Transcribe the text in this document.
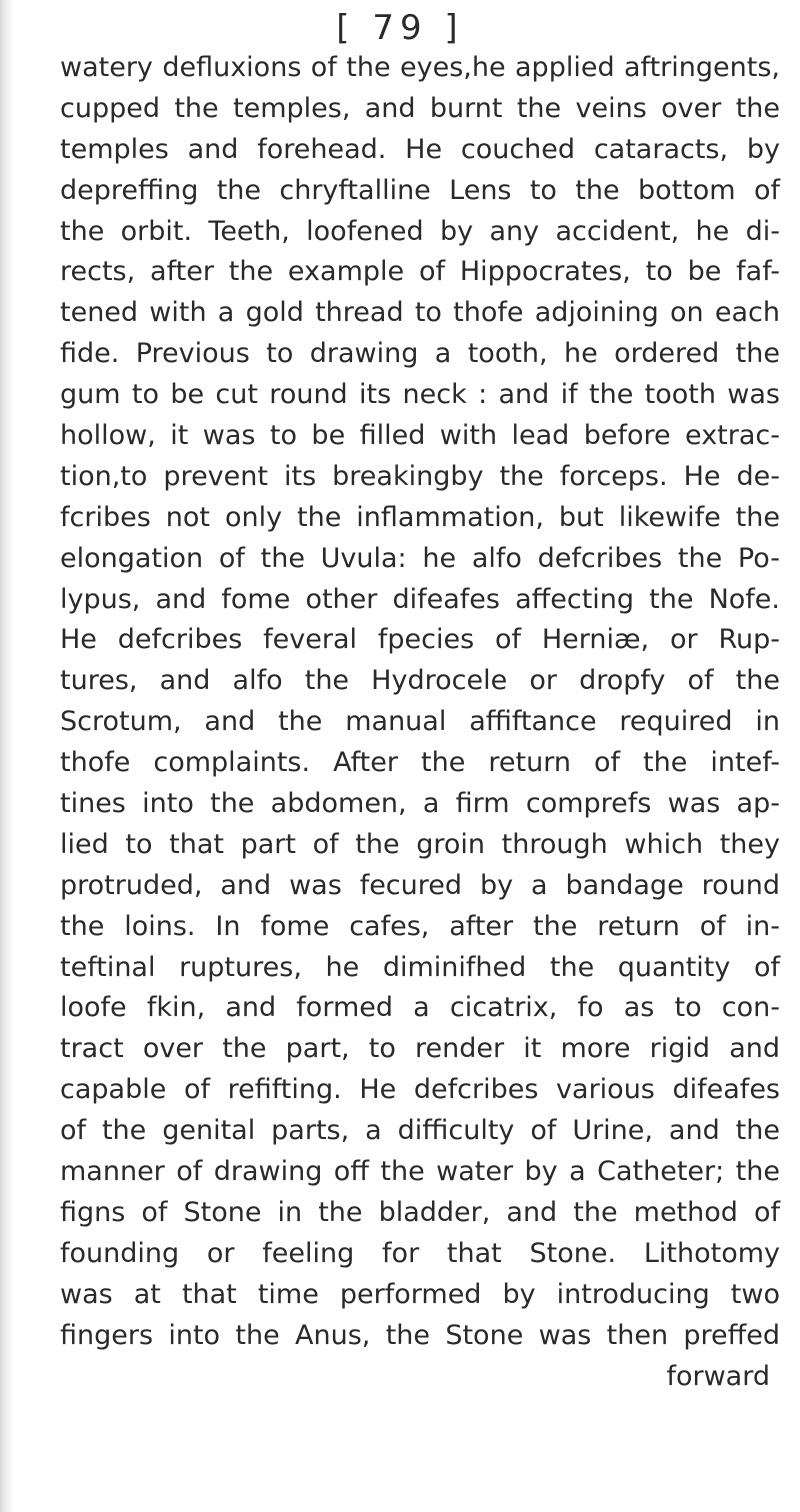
[ 79 ]
watery defluxions of the eyes,he applied aftringents,
cupped the temples, and burnt the veins over the
temples and forehead. He couched cataracts, by
depreffing the chryftalline Lens to the bottom of
the orbit. Teeth, loofened by any accident, he di-
rects, after the example of Hippocrates, to be faf-
tened with a gold thread to thofe adjoining on each
fide. Previous to drawing a tooth, he ordered the
gum to be cut round its neck : and if the tooth was
hollow, it was to be filled with lead before extrac-
tion,to prevent its breakingby the forceps. He de-
fcribes not only the inflammation, but likewife the
elongation of the Uvula: he alfo defcribes the Po-
lypus, and fome other difeafes affecting the Nofe.
He defcribes feveral fpecies of Herniæ, or Rup-
tures, and alfo the Hydrocele or dropfy of the
Scrotum, and the manual affiftance required in
thofe complaints. After the return of the intef-
tines into the abdomen, a firm comprefs was ap-
lied to that part of the groin through which they
protruded, and was fecured by a bandage round
the loins. In fome cafes, after the return of in-
teftinal ruptures, he diminifhed the quantity of
loofe fkin, and formed a cicatrix, fo as to con-
tract over the part, to render it more rigid and
capable of refifting. He defcribes various difeafes
of the genital parts, a difficulty of Urine, and the
manner of drawing off the water by a Catheter; the
figns of Stone in the bladder, and the method of
founding or feeling for that Stone. Lithotomy
was at that time performed by introducing two
fingers into the Anus, the Stone was then preffed
forward
